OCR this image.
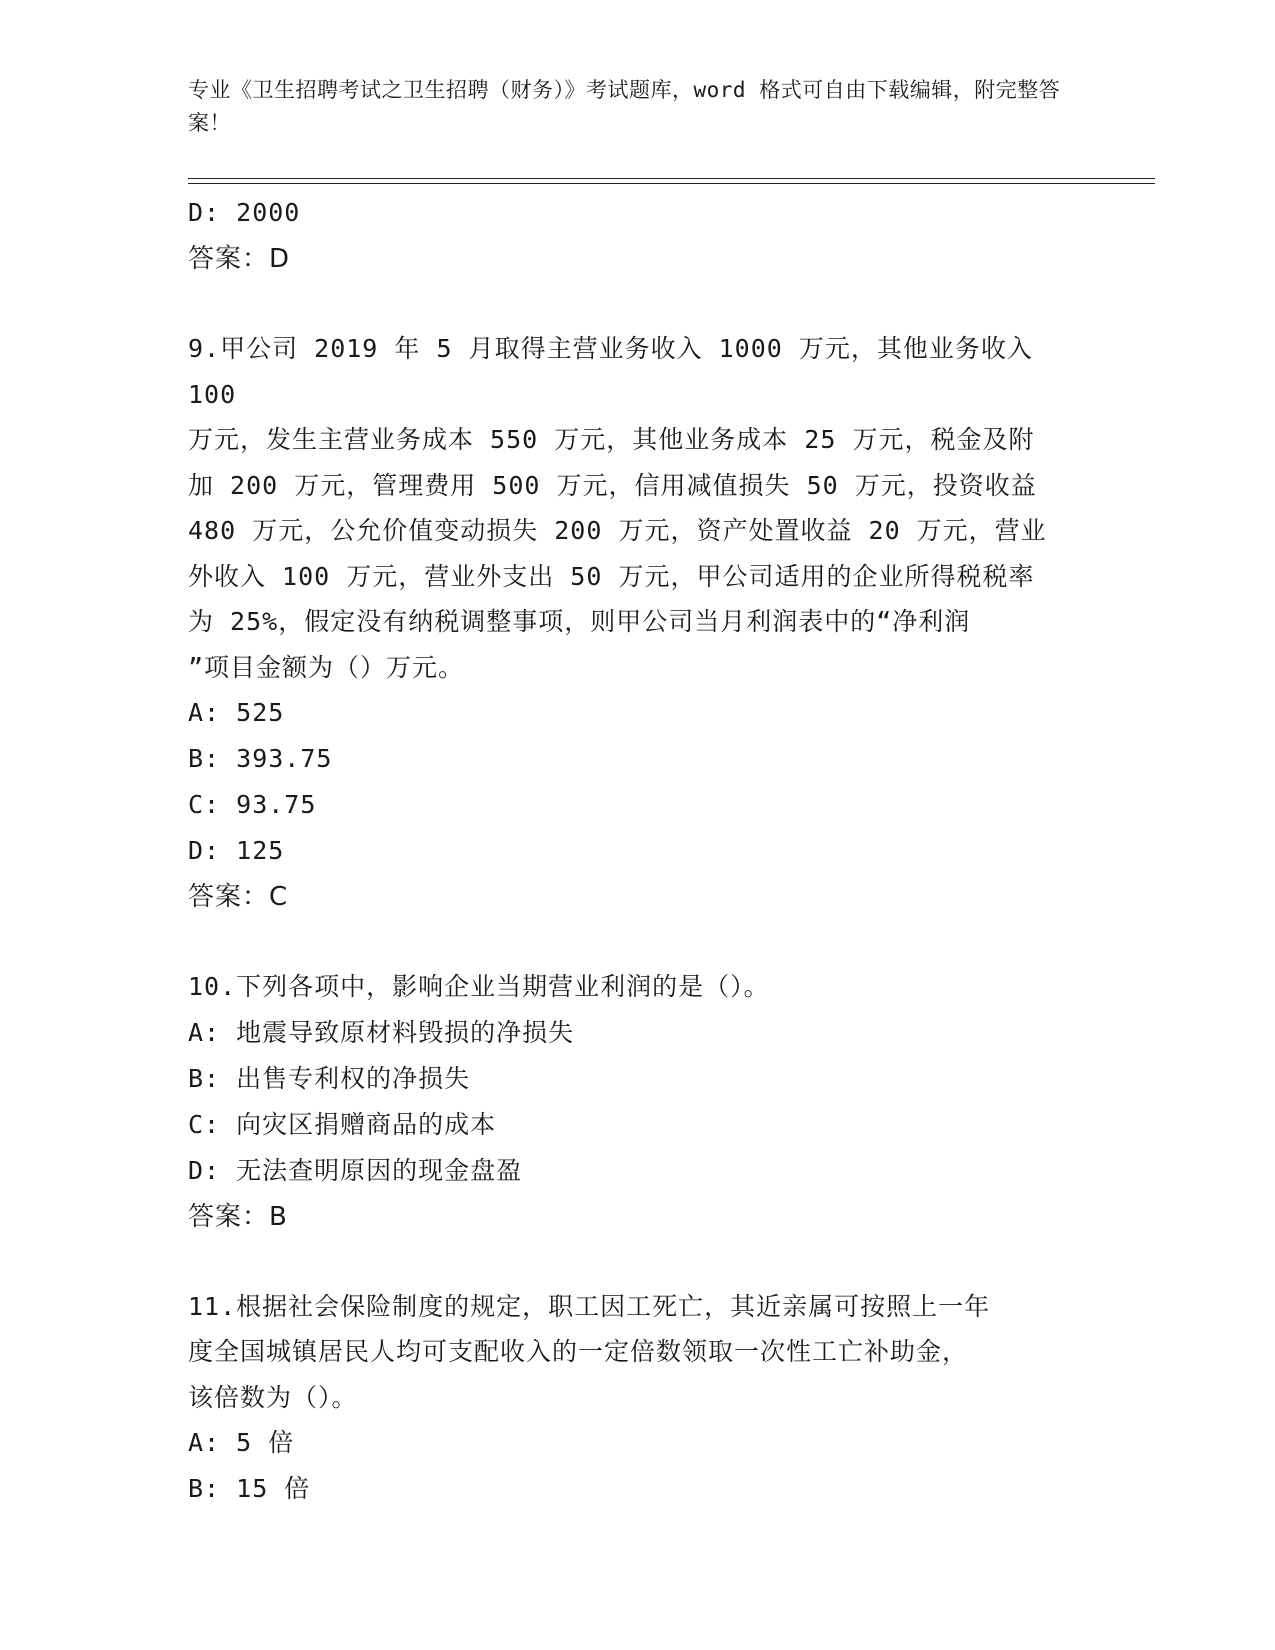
专业《卫生招聘考试之卫生招聘（财务）》考试题库，word 格式可自由下载编辑，附完整答案！
D: 2000
答案：D
9.甲公司 2019 年 5 月取得主营业务收入 1000 万元，其他业务收入 100
万元，发生主营业务成本 550 万元，其他业务成本 25 万元，税金及附
加 200 万元，管理费用 500 万元，信用减值损失 50 万元，投资收益
480 万元，公允价值变动损失 200 万元，资产处置收益 20 万元，营业
外收入 100 万元，营业外支出 50 万元，甲公司适用的企业所得税税率
为 25%，假定没有纳税调整事项，则甲公司当月利润表中的“净利润
”项目金额为（）万元。
A: 525
B: 393.75
C: 93.75
D: 125
答案：C
10.下列各项中，影响企业当期营业利润的是（）。
A: 地震导致原材料毁损的净损失
B: 出售专利权的净损失
C: 向灾区捐赠商品的成本
D: 无法查明原因的现金盘盈
答案：B
11.根据社会保险制度的规定，职工因工死亡，其近亲属可按照上一年
度全国城镇居民人均可支配收入的一定倍数领取一次性工亡补助金，
该倍数为（）。
A: 5 倍
B: 15 倍
